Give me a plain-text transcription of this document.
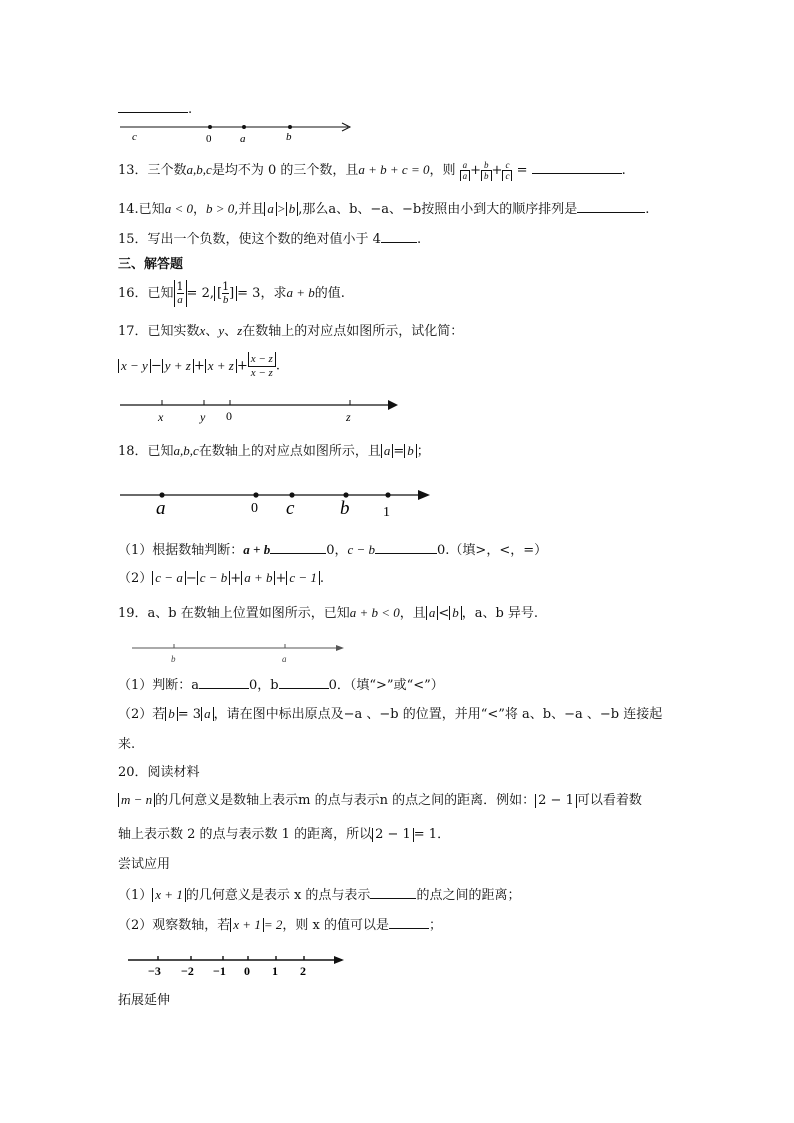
.
c	0	a	b
13．三个数a,b,c是均不为 0 的三个数，且a + b + c = 0，则 $\frac{a}{a} + \frac{b}{b} + \frac{c}{c}$ =	.
14.已知a < 0，b > 0,并且 a > b ,那么a、b、−a、−b按照由小到大的顺序排列是	.
15．写出一个负数，使这个数的绝对值小于 4	.
三、解答题
16．已知 $\frac{1}{a} = 2$, [ $\frac{1}{b}$ ] = 3，求a + b的值.
17．已知实数x、y、z在数轴上的对应点如图所示，试化简：
$x - y - y + z + x + z + \frac{x - z}{x - z}$ .
x	y 0	z
18．已知a,b,c在数轴上的对应点如图所示，且 a = b ；
a	0 c b 1
（1）根据数轴判断：a + b	0，c − b	0.（填>，<，=）
（2） c − a − c − b + a + b + c − 1 .
19．a、b 在数轴上位置如图所示，已知a + b < 0，且 a < b ，a、b 异号.
b	a
（1）判断：a	0，b	0．（填“>”或“<”）
（2）若 b = 3 a ，请在图中标出原点及−a 、−b 的位置，并用“<”将 a、b、−a 、−b 连接起
来.
20．阅读材料
m − n 的几何意义是数轴上表示m 的点与表示n 的点之间的距离．例如： 2 − 1 可以看着数
轴上表示数 2 的点与表示数 1 的距离，所以 2 − 1 = 1．
尝试应用
（1） x + 1 的几何意义是表示 x 的点与表示	的点之间的距离；
（2）观察数轴，若 x + 1 = 2，则 x 的值可以是	；
−3 −2 −1 0 1 2
拓展延伸
